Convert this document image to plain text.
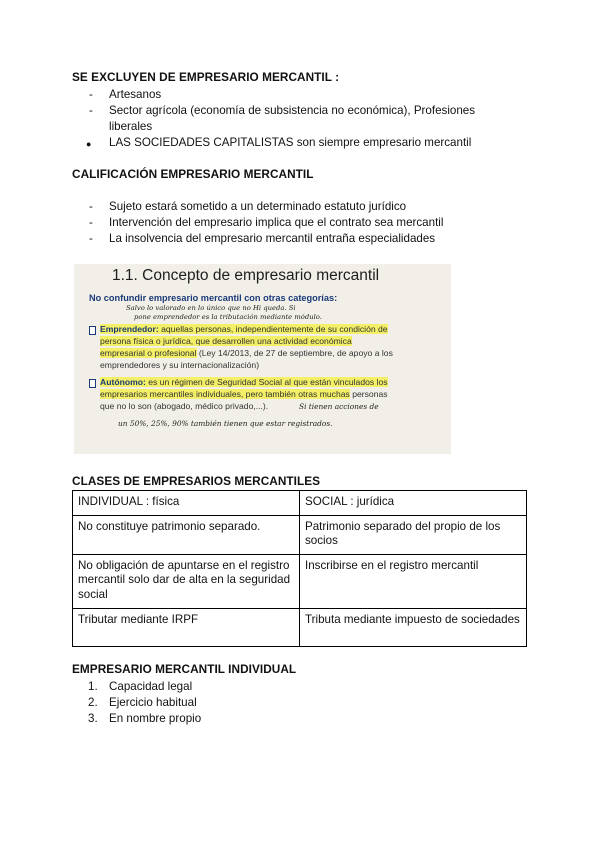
SE EXCLUYEN DE EMPRESARIO MERCANTIL :
- Artesanos
- Sector agrícola (economía de subsistencia no económica), Profesiones liberales
● LAS SOCIEDADES CAPITALISTAS son siempre empresario mercantil
CALIFICACIÓN EMPRESARIO MERCANTIL
- Sujeto estará sometido a un determinado estatuto jurídico
- Intervención del empresario implica que el contrato sea mercantil
- La insolvencia del empresario mercantil entraña especialidades
1.1. Concepto de empresario mercantil
No confundir empresario mercantil con otras categorías:
Salvo lo valorado en lo único que no Hi queda. Si
pone emprendedor es la tributación mediante módulo.
Emprendedor: aquellas personas, independientemente de su condición de
persona física o jurídica, que desarrollen una actividad económica
empresarial o profesional (Ley 14/2013, de 27 de septiembre, de apoyo a los
emprendedores y su internacionalización)
Autónomo: es un régimen de Seguridad Social al que están vinculados los
empresarios mercantiles individuales, pero también otras muchas personas
que no lo son (abogado, médico privado,...).	Si tienen acciones de
un 50%, 25%, 90% también tienen que estar registrados.
CLASES DE EMPRESARIOS MERCANTILES
INDIVIDUAL : física	SOCIAL : jurídica
No constituye patrimonio separado.	Patrimonio separado del propio de los socios
No obligación de apuntarse en el registro mercantil solo dar de alta en la seguridad social	Inscribirse en el registro mercantil
Tributar mediante IRPF	Tributa mediante impuesto de sociedades
EMPRESARIO MERCANTIL INDIVIDUAL
1. Capacidad legal
2. Ejercicio habitual
3. En nombre propio
